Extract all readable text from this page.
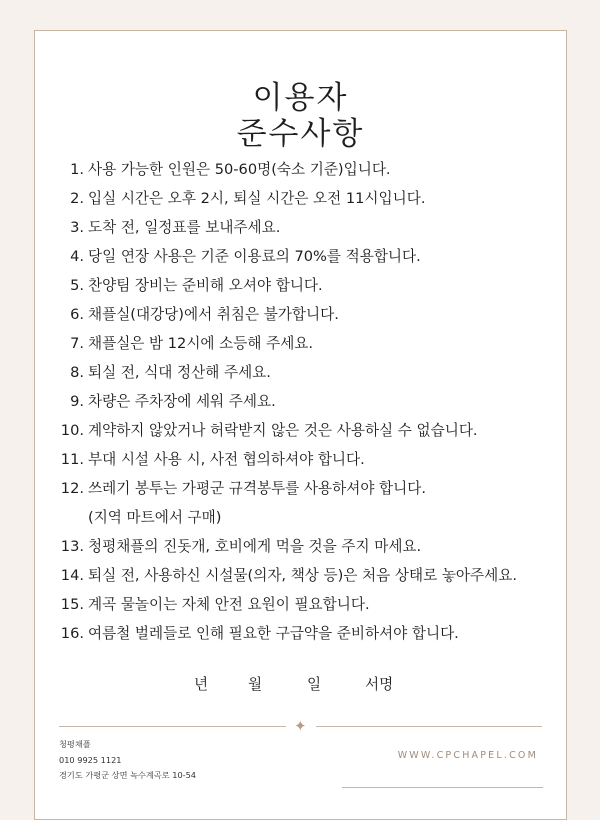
이용자
준수사항
1. 사용 가능한 인원은 50-60명(숙소 기준)입니다.
2. 입실 시간은 오후 2시, 퇴실 시간은 오전 11시입니다.
3. 도착 전, 일정표를 보내주세요.
4. 당일 연장 사용은 기준 이용료의 70%를 적용합니다.
5. 찬양팀 장비는 준비해 오셔야 합니다.
6. 채플실(대강당)에서 취침은 불가합니다.
7. 채플실은 밤 12시에 소등해 주세요.
8. 퇴실 전, 식대 정산해 주세요.
9. 차량은 주차장에 세워 주세요.
10. 계약하지 않았거나 허락받지 않은 것은 사용하실 수 없습니다.
11. 부대 시설 사용 시, 사전 협의하셔야 합니다.
12. 쓰레기 봉투는 가평군 규격봉투를 사용하셔야 합니다.
(지역 마트에서 구매)
13. 청평채플의 진돗개, 호비에게 먹을 것을 주지 마세요.
14. 퇴실 전, 사용하신 시설물(의자, 책상 등)은 처음 상태로 놓아주세요.
15. 계곡 물놀이는 자체 안전 요원이 필요합니다.
16. 여름철 벌레들로 인해 필요한 구급약을 준비하셔야 합니다.
년	월	일	서명
✦
청평채플
010 9925 1121
경기도 가평군 상면 녹수계곡로 10-54
WWW.CPCHAPEL.COM
